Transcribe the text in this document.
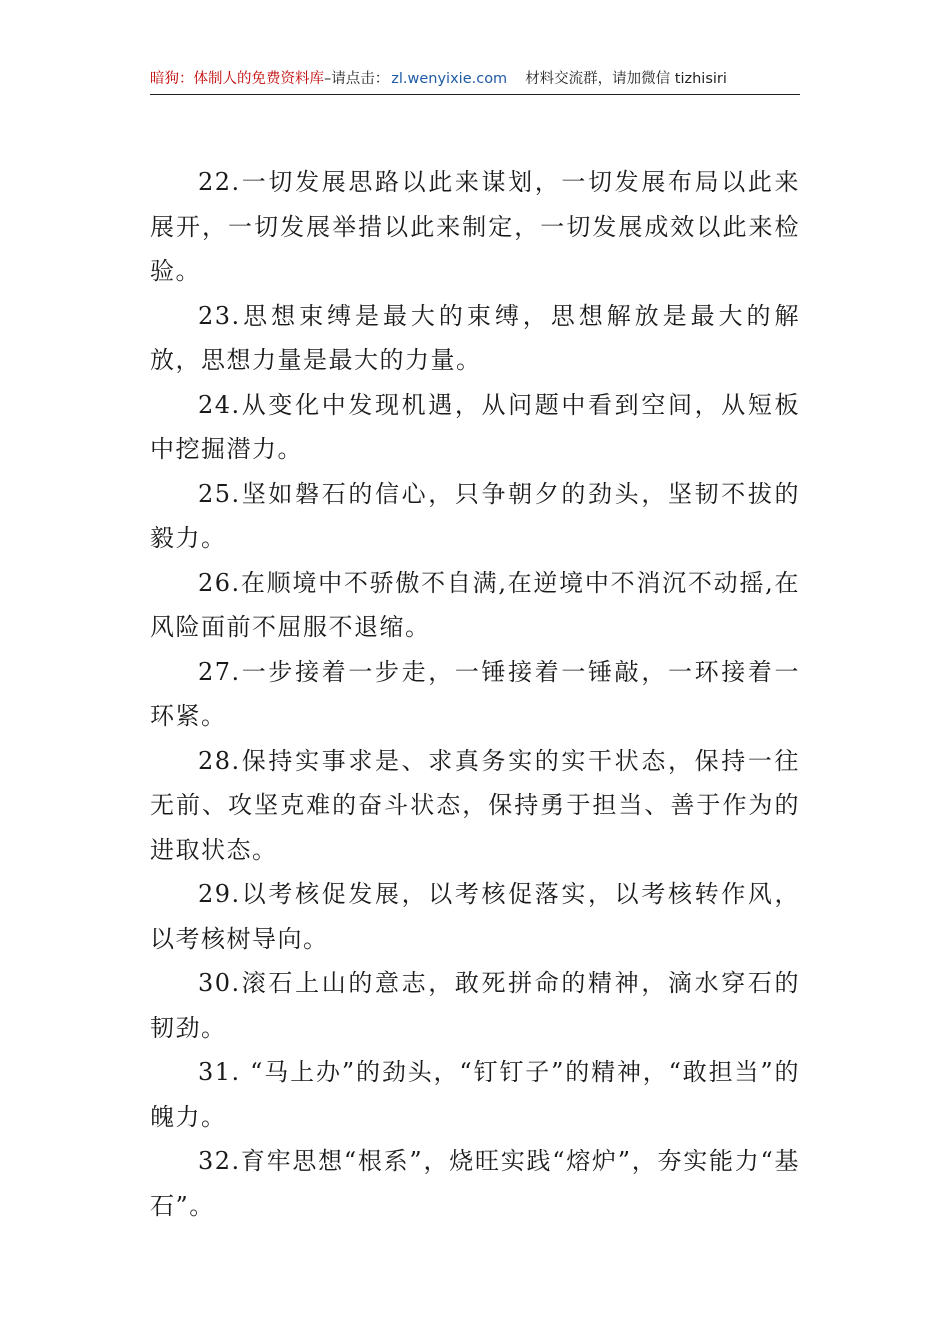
暗狗：体制人的免费资料库–请点击： zl.wenyixie.com 材料交流群，请加微信 tizhisiri

22.一切发展思路以此来谋划，一切发展布局以此来展开，一切发展举措以此来制定，一切发展成效以此来检验。

23.思想束缚是最大的束缚，思想解放是最大的解放，思想力量是最大的力量。

24.从变化中发现机遇，从问题中看到空间，从短板中挖掘潜力。

25.坚如磐石的信心，只争朝夕的劲头，坚韧不拔的毅力。

26.在顺境中不骄傲不自满,在逆境中不消沉不动摇,在风险面前不屈服不退缩。

27.一步接着一步走，一锤接着一锤敲，一环接着一环紧。

28.保持实事求是、求真务实的实干状态，保持一往无前、攻坚克难的奋斗状态，保持勇于担当、善于作为的进取状态。

29.以考核促发展，以考核促落实，以考核转作风，以考核树导向。

30.滚石上山的意志，敢死拼命的精神，滴水穿石的韧劲。

31. “马上办”的劲头，“钉钉子”的精神，“敢担当”的魄力。

32.育牢思想“根系”，烧旺实践“熔炉”，夯实能力“基石”。
